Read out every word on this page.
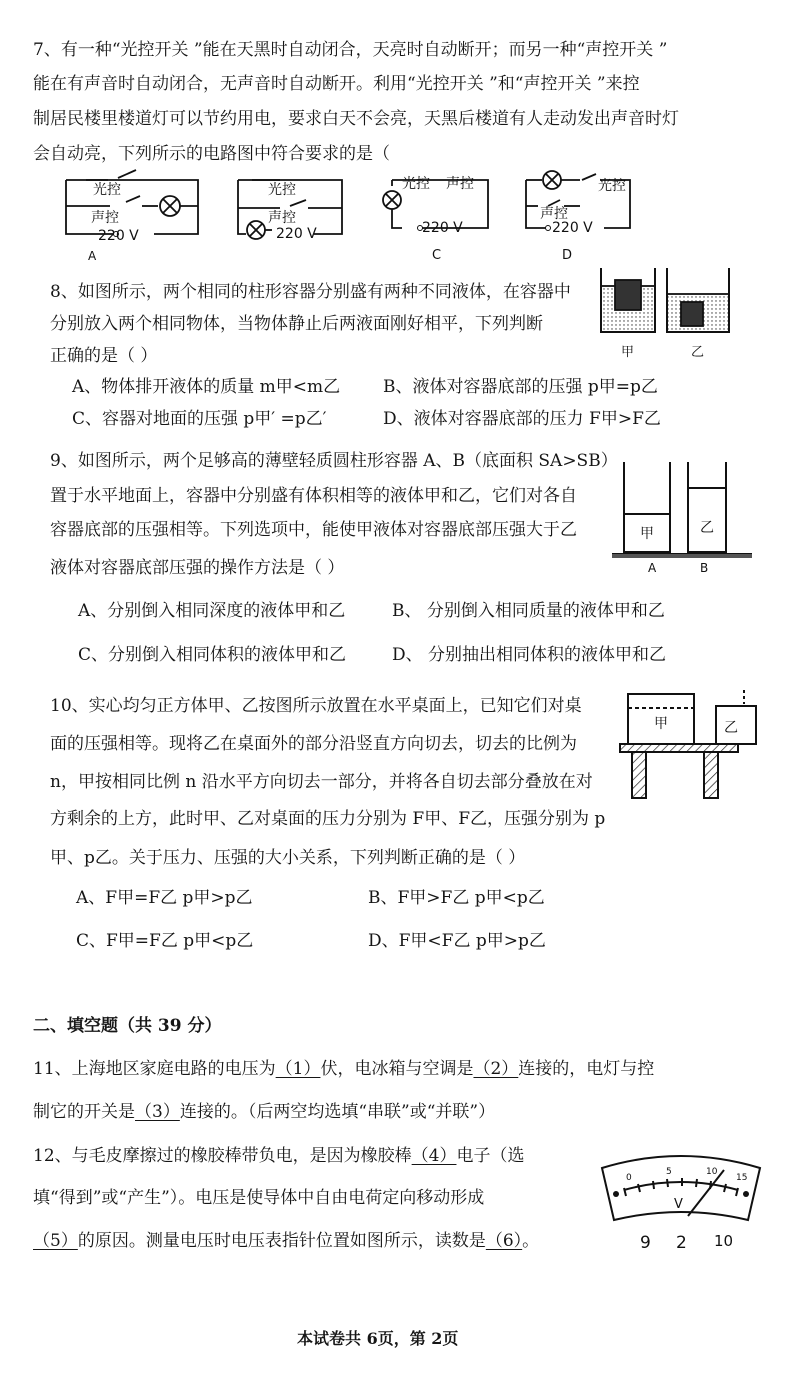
7、有一种“光控开关 ”能在天黑时自动闭合，天亮时自动断开；而另一种“声控开关 ”
能在有声音时自动闭合，无声音时自动断开。利用“光控开关 ”和“声控开关 ”来控
制居民楼里楼道灯可以节约用电，要求白天不会亮，天黑后楼道有人走动发出声音时灯
会自动亮，下列所示的电路图中符合要求的是（
光控
声控
220 V
A
光控
声控
220 V
光控 声控
220 V
C
光控
声控
220 V
D
8、如图所示，两个相同的柱形容器分别盛有两种不同液体，在容器中
分别放入两个相同物体，当物体静止后两液面刚好相平，下列判断
正确的是（ ）
A、物体排开液体的质量 m甲<m乙	B、液体对容器底部的压强 p甲=p乙
C、容器对地面的压强 p甲′ =p乙′	D、液体对容器底部的压力 F甲>F乙
甲	乙
9、如图所示，两个足够高的薄壁轻质圆柱形容器 A、B（底面积 SA>SB）
置于水平地面上，容器中分别盛有体积相等的液体甲和乙，它们对各自
容器底部的压强相等。下列选项中，能使甲液体对容器底部压强大于乙
液体对容器底部压强的操作方法是（ ）
A、分别倒入相同深度的液体甲和乙	B、 分别倒入相同质量的液体甲和乙
C、分别倒入相同体积的液体甲和乙	D、 分别抽出相同体积的液体甲和乙
甲	乙
A	B
10、实心均匀正方体甲、乙按图所示放置在水平桌面上，已知它们对桌
面的压强相等。现将乙在桌面外的部分沿竖直方向切去，切去的比例为
n，甲按相同比例 n 沿水平方向切去一部分，并将各自切去部分叠放在对
方剩余的上方，此时甲、乙对桌面的压力分别为 F甲、F乙，压强分别为 p
甲、p乙。关于压力、压强的大小关系，下列判断正确的是（ ）
A、F甲=F乙 p甲>p乙	B、F甲>F乙 p甲<p乙
C、F甲=F乙 p甲<p乙	D、F甲<F乙 p甲>p乙
甲	乙
二、填空题（共 39 分）
11、上海地区家庭电路的电压为（1）伏，电冰箱与空调是（2）连接的，电灯与控
制它的开关是（3）连接的。（后两空均选填“串联”或“并联”）
12、与毛皮摩擦过的橡胶棒带负电，是因为橡胶棒（4）电子（选
填“得到”或“产生”）。电压是使导体中自由电荷定向移动形成
（5）的原因。测量电压时电压表指针位置如图所示，读数是（6）。
V
0
5	10
15
9 2 10
本试卷共 6页，第 2页
